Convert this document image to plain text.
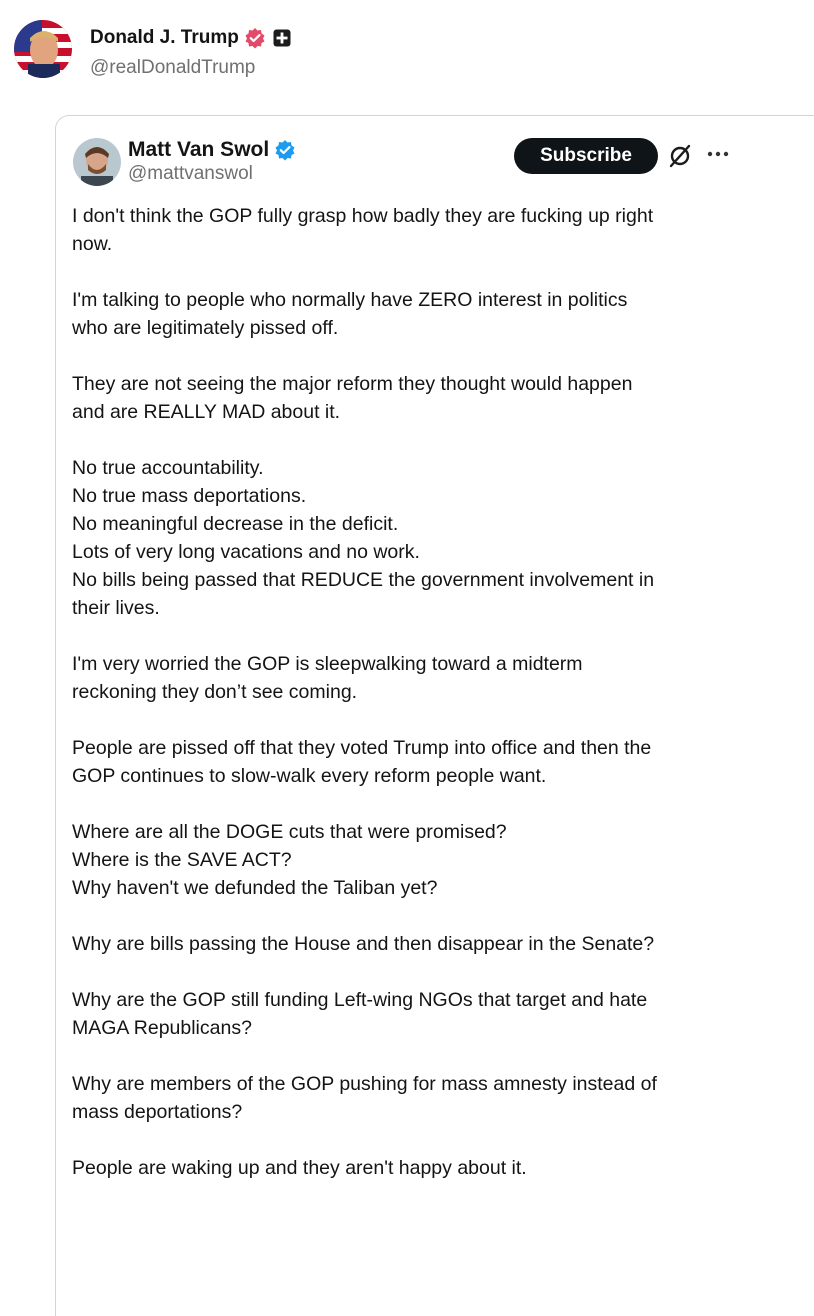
Donald J. Trump
@realDonaldTrump
Matt Van Swol
@mattvanswol
Subscribe
I don't think the GOP fully grasp how badly they are fucking up right
now.
I'm talking to people who normally have ZERO interest in politics
who are legitimately pissed off.
They are not seeing the major reform they thought would happen
and are REALLY MAD about it.
No true accountability.
No true mass deportations.
No meaningful decrease in the deficit.
Lots of very long vacations and no work.
No bills being passed that REDUCE the government involvement in
their lives.
I'm very worried the GOP is sleepwalking toward a midterm
reckoning they don’t see coming.
People are pissed off that they voted Trump into office and then the
GOP continues to slow-walk every reform people want.
Where are all the DOGE cuts that were promised?
Where is the SAVE ACT?
Why haven't we defunded the Taliban yet?
Why are bills passing the House and then disappear in the Senate?
Why are the GOP still funding Left-wing NGOs that target and hate
MAGA Republicans?
Why are members of the GOP pushing for mass amnesty instead of
mass deportations?
People are waking up and they aren't happy about it.
